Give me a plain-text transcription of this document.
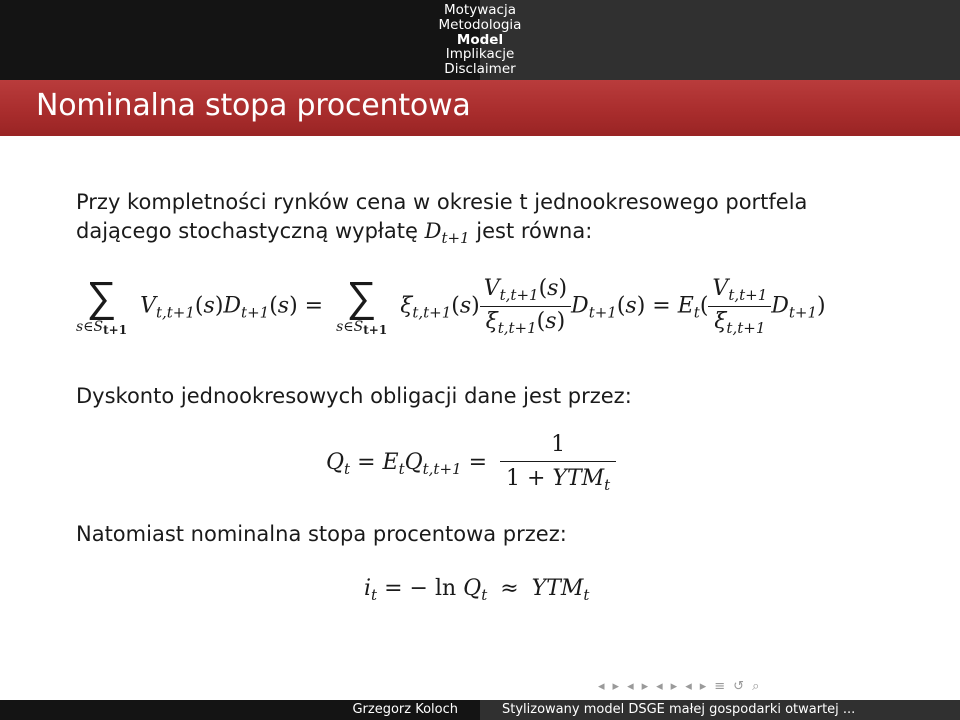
Motywacja
Metodologia
Model
Implikacje
Disclaimer
Nominalna stopa procentowa

Przy kompletności rynków cena w okresie t jednookresowego portfela

dającego stochastyczną wypłatę $D_{t+1}$ jest równa:

∑
s∈St+1
$V_{t,t+1}(s)D_{t+1}(s)$ = ∑
s∈St+1
$\xi_{t,t+1}(s) \frac{V_{t,t+1}(s)}{\xi_{t,t+1}(s)} D_{t+1}(s) = E_t( \frac{V_{t,t+1}}{\xi_{t,t+1}} D_{t+1})$

Dyskonto jednookresowych obligacji dane jest przez:

$Q_t = E_tQ_{t,t+1} = \frac{1}{1 + YTM_t}$

Natomiast nominalna stopa procentowa przez:

$i_t$ = − $\ln Q_t \approx YTM_t$
◂ ▸ ◂ ▸ ◂ ▸ ◂ ▸ ≡ ↺ ⌕
Grzegorz Koloch	Stylizowany model DSGE małej gospodarki otwartej ...
